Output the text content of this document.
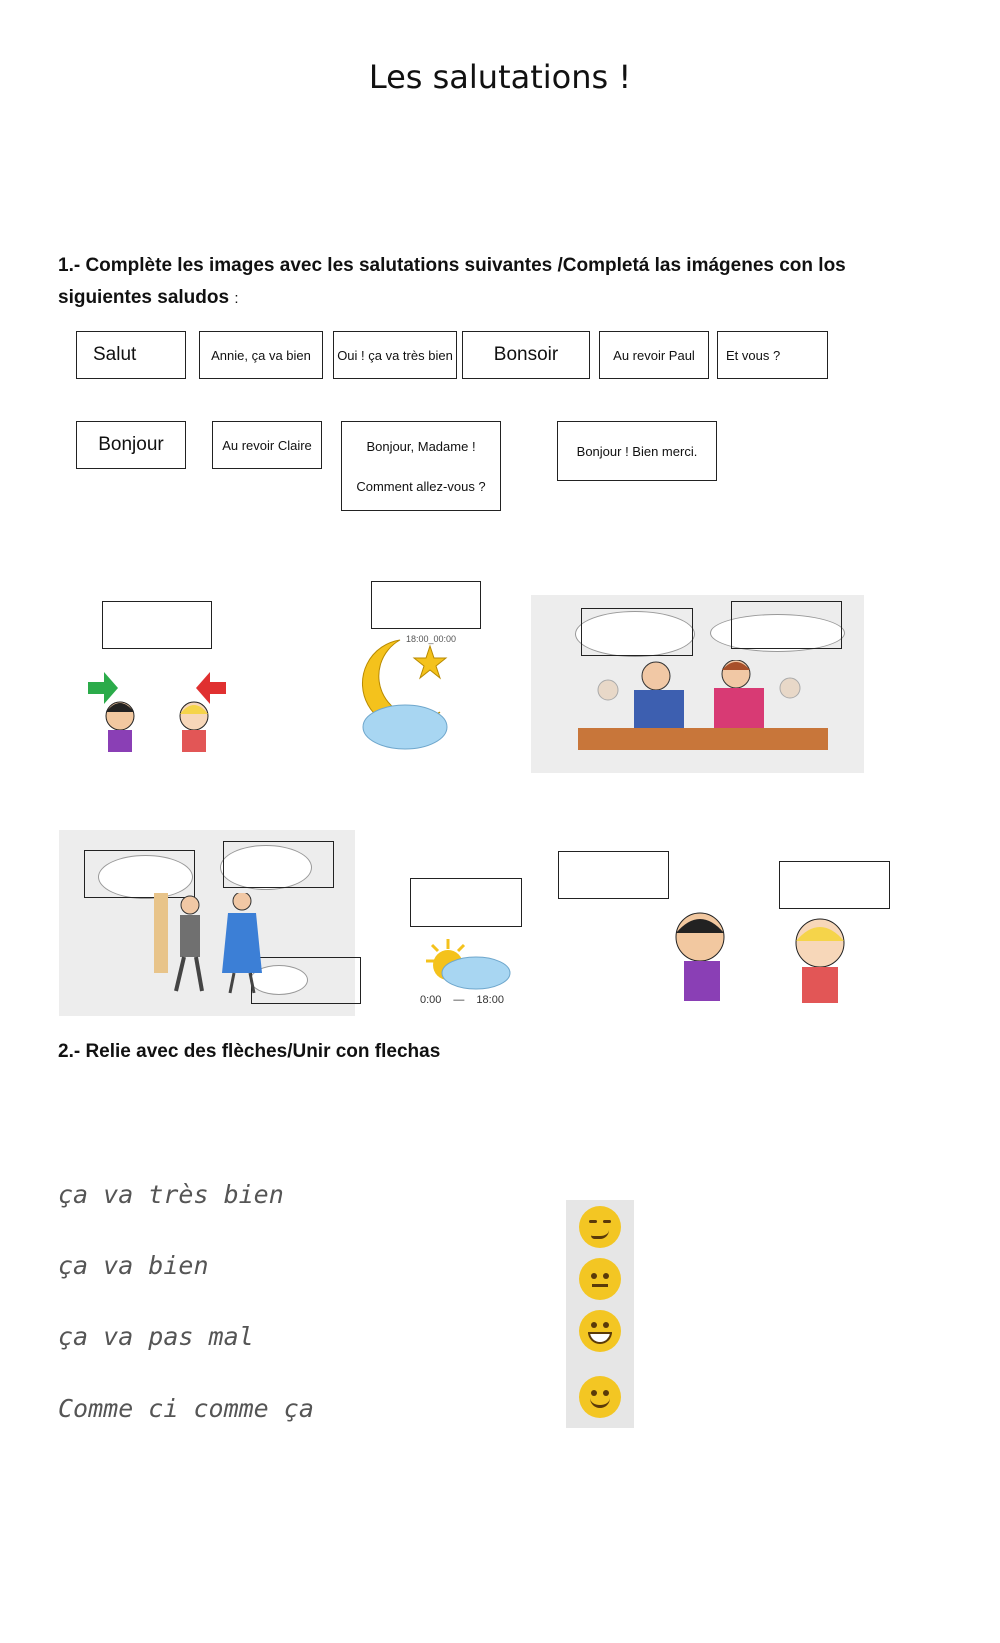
Les salutations !
1.- Complète les images avec les salutations suivantes /Completá las imágenes con los
siguientes saludos :
Salut	Annie, ça va bien	Oui ! ça va très bien	Bonsoir	Au revoir Paul	Et vous ?
Bonjour	Au revoir Claire	Bonjour, Madame !
Comment allez-vous ?
Bonjour ! Bien merci.
18:00_00:00
0:00 — 18:00
2.- Relie avec des flèches/Unir con flechas
ça va très bien
ça va bien
ça va pas mal
Comme ci comme ça
